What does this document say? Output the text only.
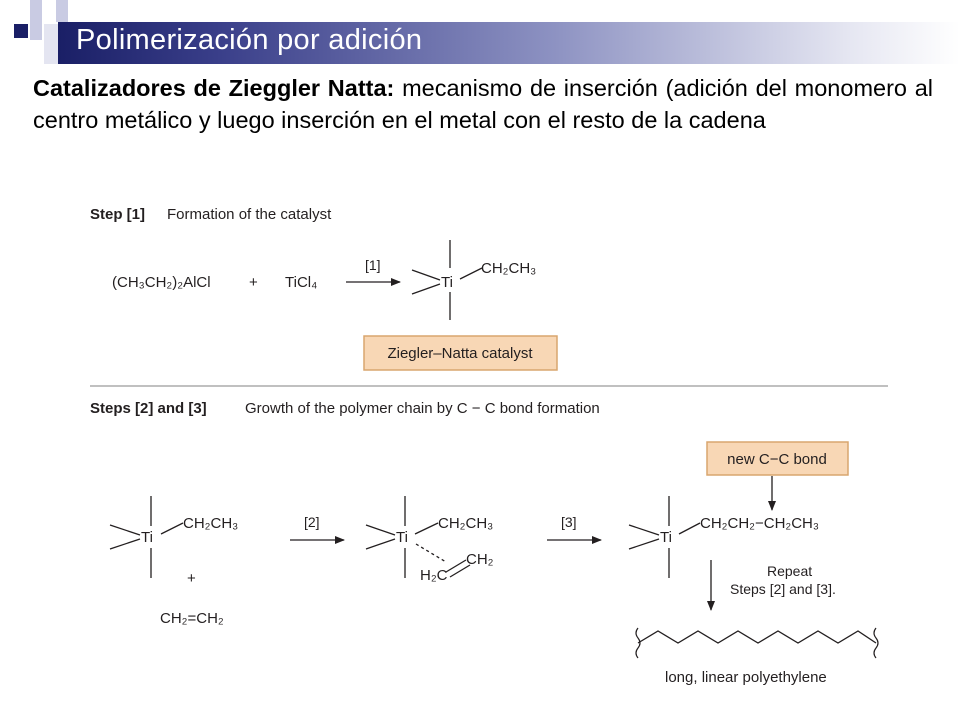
Polimerización por adición
Catalizadores de Zieggler Natta: mecanismo de inserción (adición del monomero al centro metálico y luego inserción en el metal con el resto de la cadena
Step [1] Formation of the catalyst
(CH₃CH₂)₂AlCl	+ TiCl₄
[1]
Ti
CH₂CH₃
Ziegler–Natta catalyst
Steps [2] and [3]	Growth of the polymer chain by C − C bond formation
new C−C bond
Ti
CH₂CH₃
+
CH₂=CH₂
[2]
Ti
CH₂CH₃
CH₂
H₂C
[3]
Ti
CH₂CH₂−CH₂CH₃
Repeat
Steps [2] and [3].
long, linear polyethylene
